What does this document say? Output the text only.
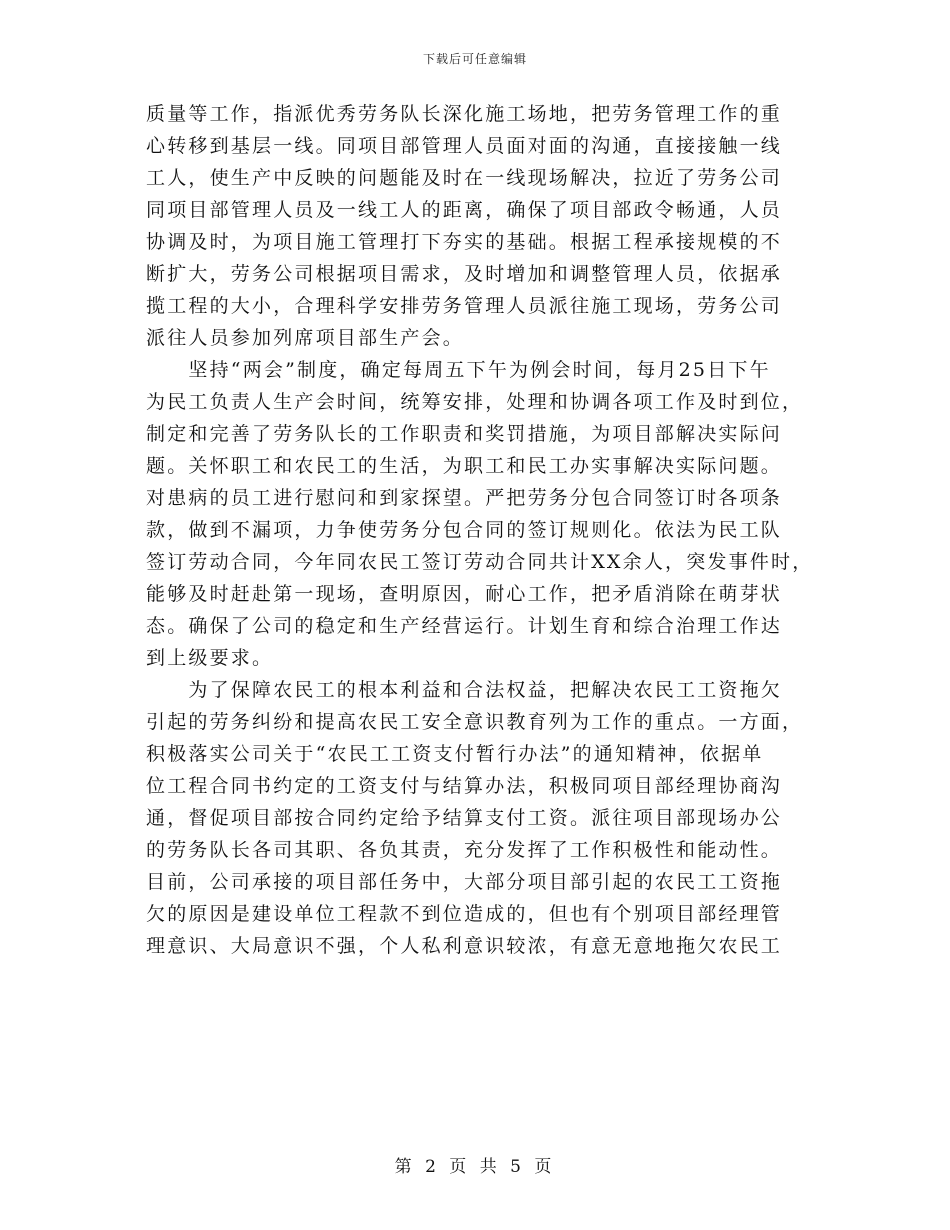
下载后可任意编辑
质量等工作，指派优秀劳务队长深化施工场地，把劳务管理工作的重
心转移到基层一线。同项目部管理人员面对面的沟通，直接接触一线
工人，使生产中反映的问题能及时在一线现场解决，拉近了劳务公司
同项目部管理人员及一线工人的距离，确保了项目部政令畅通，人员
协调及时，为项目施工管理打下夯实的基础。根据工程承接规模的不
断扩大，劳务公司根据项目需求，及时增加和调整管理人员，依据承
揽工程的大小，合理科学安排劳务管理人员派往施工现场，劳务公司
派往人员参加列席项目部生产会。
　　坚持“两会”制度，确定每周五下午为例会时间，每月25日下午
为民工负责人生产会时间，统筹安排，处理和协调各项工作及时到位，
制定和完善了劳务队长的工作职责和奖罚措施，为项目部解决实际问
题。关怀职工和农民工的生活，为职工和民工办实事解决实际问题。
对患病的员工进行慰问和到家探望。严把劳务分包合同签订时各项条
款，做到不漏项，力争使劳务分包合同的签订规则化。依法为民工队
签订劳动合同，今年同农民工签订劳动合同共计XX余人，突发事件时，
能够及时赶赴第一现场，查明原因，耐心工作，把矛盾消除在萌芽状
态。确保了公司的稳定和生产经营运行。计划生育和综合治理工作达
到上级要求。
　　为了保障农民工的根本利益和合法权益，把解决农民工工资拖欠
引起的劳务纠纷和提高农民工安全意识教育列为工作的重点。一方面，
积极落实公司关于“农民工工资支付暂行办法”的通知精神，依据单
位工程合同书约定的工资支付与结算办法，积极同项目部经理协商沟
通，督促项目部按合同约定给予结算支付工资。派往项目部现场办公
的劳务队长各司其职、各负其责，充分发挥了工作积极性和能动性。
目前，公司承接的项目部任务中，大部分项目部引起的农民工工资拖
欠的原因是建设单位工程款不到位造成的，但也有个别项目部经理管
理意识、大局意识不强，个人私利意识较浓，有意无意地拖欠农民工
第 2 页 共 5 页
